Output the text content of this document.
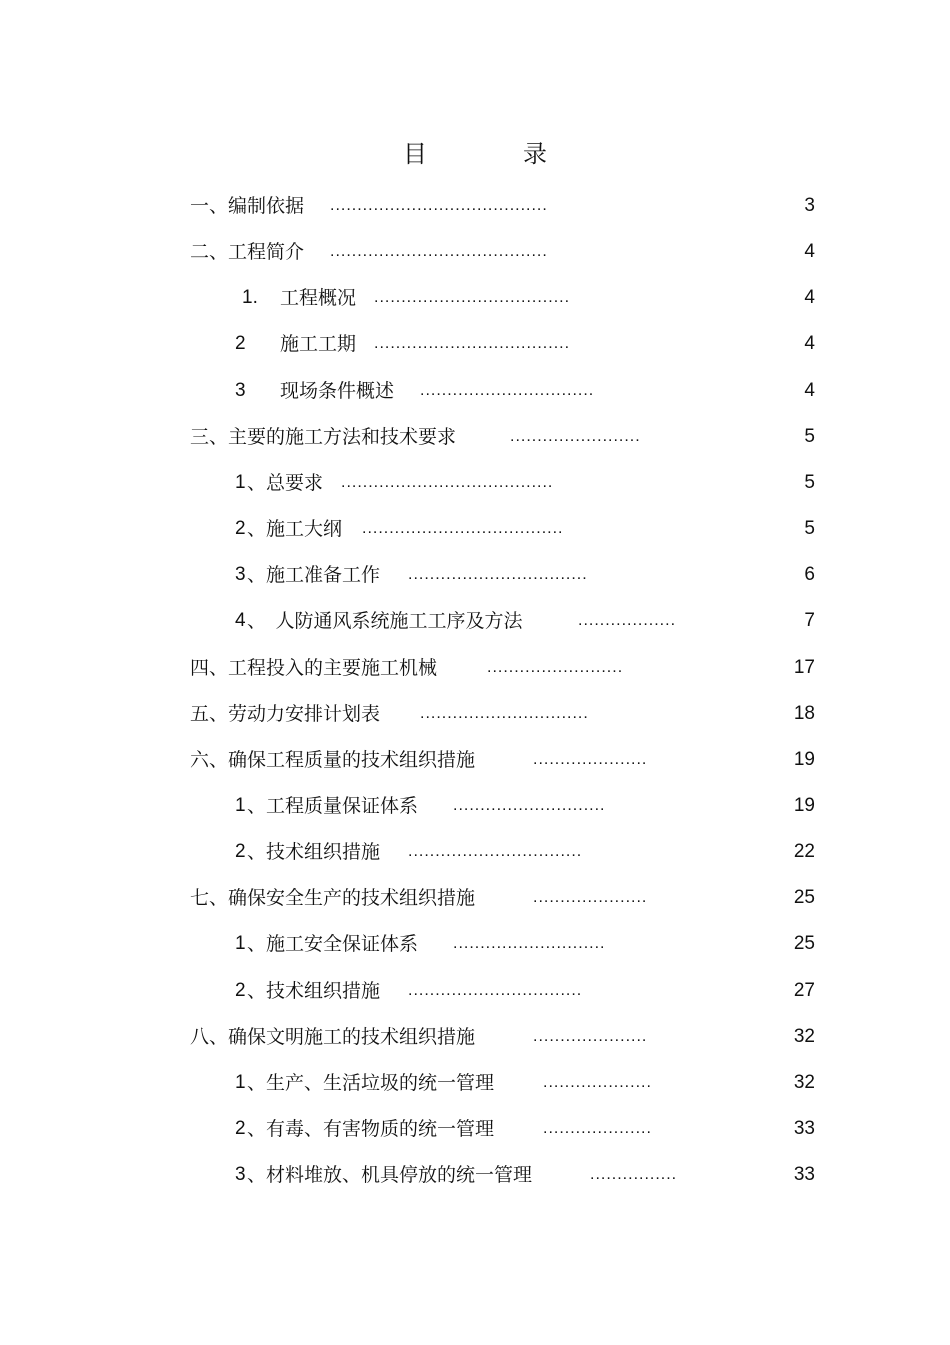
目　录
一、编制依据 ........................................	3
二、工程简介 ........................................	4
1. 工程概况 ....................................	4
2 施工工期 ....................................	4
3 现场条件概述 ................................	4
三、主要的施工方法和技术要求	........................	5
1 、总要求 .......................................	5
2 、施工大纲 .....................................	5
3 、施工准备工作 .................................	6
4 、　人防通风系统施工工序及方法	..................	7
四、工程投入的主要施工机械	.........................	17
五、劳动力安排计划表 ...............................	18
六、确保工程质量的技术组织措施	.....................	19
1 、工程质量保证体系 ............................	19
2 、技术组织措施 ................................	22
七、确保安全生产的技术组织措施	.....................	25
1 、施工安全保证体系 ............................	25
2 、技术组织措施 ................................	27
八、确保文明施工的技术组织措施	.....................	32
1 、生产、生活垃圾的统一管理	....................	32
2 、有毒、有害物质的统一管理	....................	33
3 、材料堆放、机具停放的统一管理	................	33
